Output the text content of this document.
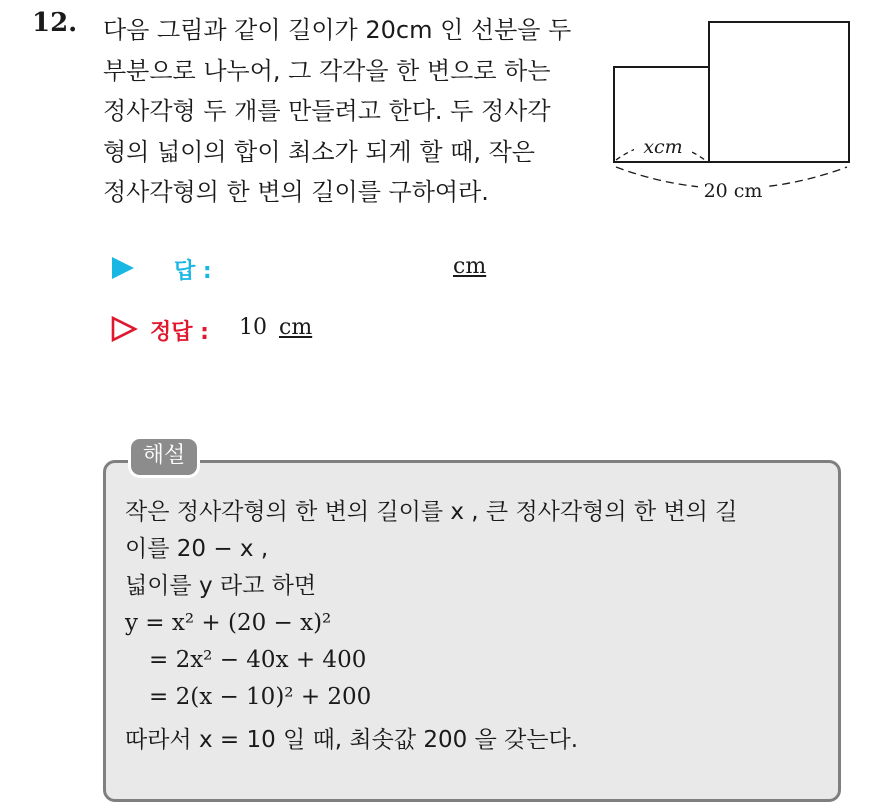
12. 다음 그림과 같이 길이가 20cm 인 선분을 두
부분으로 나누어, 그 각각을 한 변으로 하는
정사각형 두 개를 만들려고 한다. 두 정사각
형의 넓이의 합이 최소가 되게 할 때, 작은
정사각형의 한 변의 길이를 구하여라.
xcm
20 cm
답 :	cm
정답 : 10 cm
해설
작은 정사각형의 한 변의 길이를 x , 큰 정사각형의 한 변의 길
이를 20 − x ,
넓이를 y 라고 하면
y = x² + (20 − x)²
= 2x² − 40x + 400
= 2(x − 10)² + 200
따라서 x = 10 일 때, 최솟값 200 을 갖는다.
